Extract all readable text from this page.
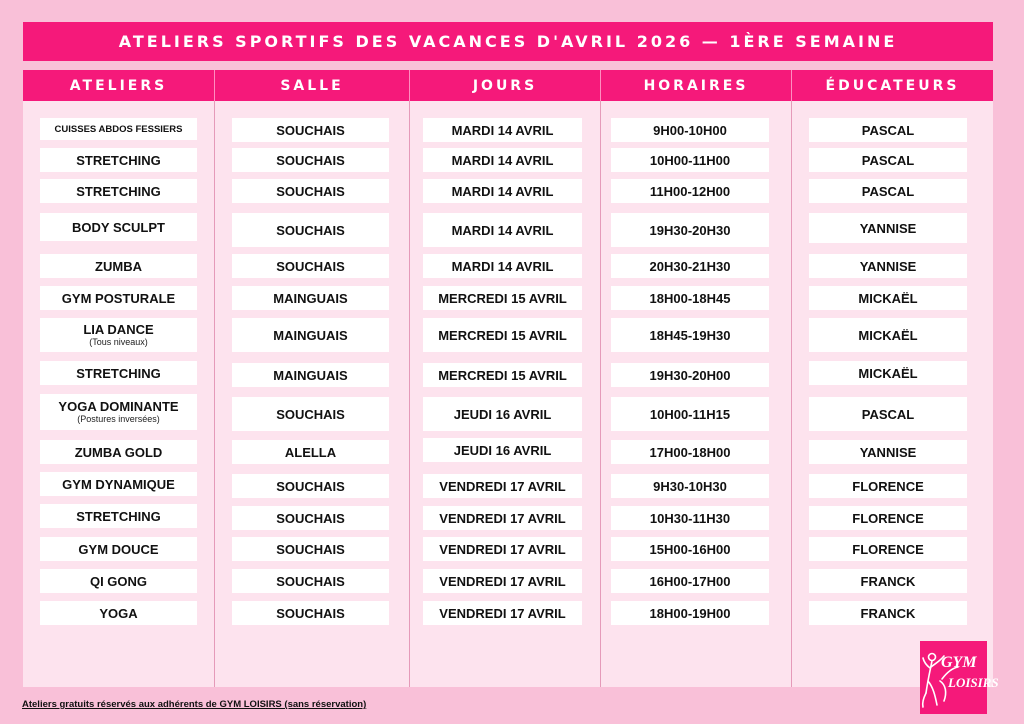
ATELIERS SPORTIFS DES VACANCES D'AVRIL 2026 — 1ÈRE SEMAINE
ATELIERS	SALLE	JOURS	HORAIRES	ÉDUCATEURS
CUISSES ABDOS FESSIERS	SOUCHAIS	MARDI 14 AVRIL	9H00-10H00	PASCAL
STRETCHING	SOUCHAIS	MARDI 14 AVRIL	10H00-11H00	PASCAL
STRETCHING	SOUCHAIS	MARDI 14 AVRIL	11H00-12H00	PASCAL
BODY SCULPT	SOUCHAIS	MARDI 14 AVRIL	19H30-20H30	YANNISE
ZUMBA	SOUCHAIS	MARDI 14 AVRIL	20H30-21H30	YANNISE
GYM POSTURALE	MAINGUAIS	MERCREDI 15 AVRIL	18H00-18H45	MICKAËL
LIA DANCE
(Tous niveaux)	MAINGUAIS	MERCREDI 15 AVRIL	18H45-19H30	MICKAËL
STRETCHING	MAINGUAIS	MERCREDI 15 AVRIL	19H30-20H00	MICKAËL
YOGA DOMINANTE
(Postures inversées)	SOUCHAIS	JEUDI 16 AVRIL	10H00-11H15	PASCAL
ZUMBA GOLD	ALELLA	JEUDI 16 AVRIL	17H00-18H00	YANNISE
GYM DYNAMIQUE	SOUCHAIS	VENDREDI 17 AVRIL	9H30-10H30	FLORENCE
STRETCHING	SOUCHAIS	VENDREDI 17 AVRIL	10H30-11H30	FLORENCE
GYM DOUCE	SOUCHAIS	VENDREDI 17 AVRIL	15H00-16H00	FLORENCE
QI GONG	SOUCHAIS	VENDREDI 17 AVRIL	16H00-17H00	FRANCK
YOGA	SOUCHAIS	VENDREDI 17 AVRIL	18H00-19H00	FRANCK
Ateliers gratuits réservés aux adhérents de GYM LOISIRS (sans réservation)
GYM
LOISIRS
